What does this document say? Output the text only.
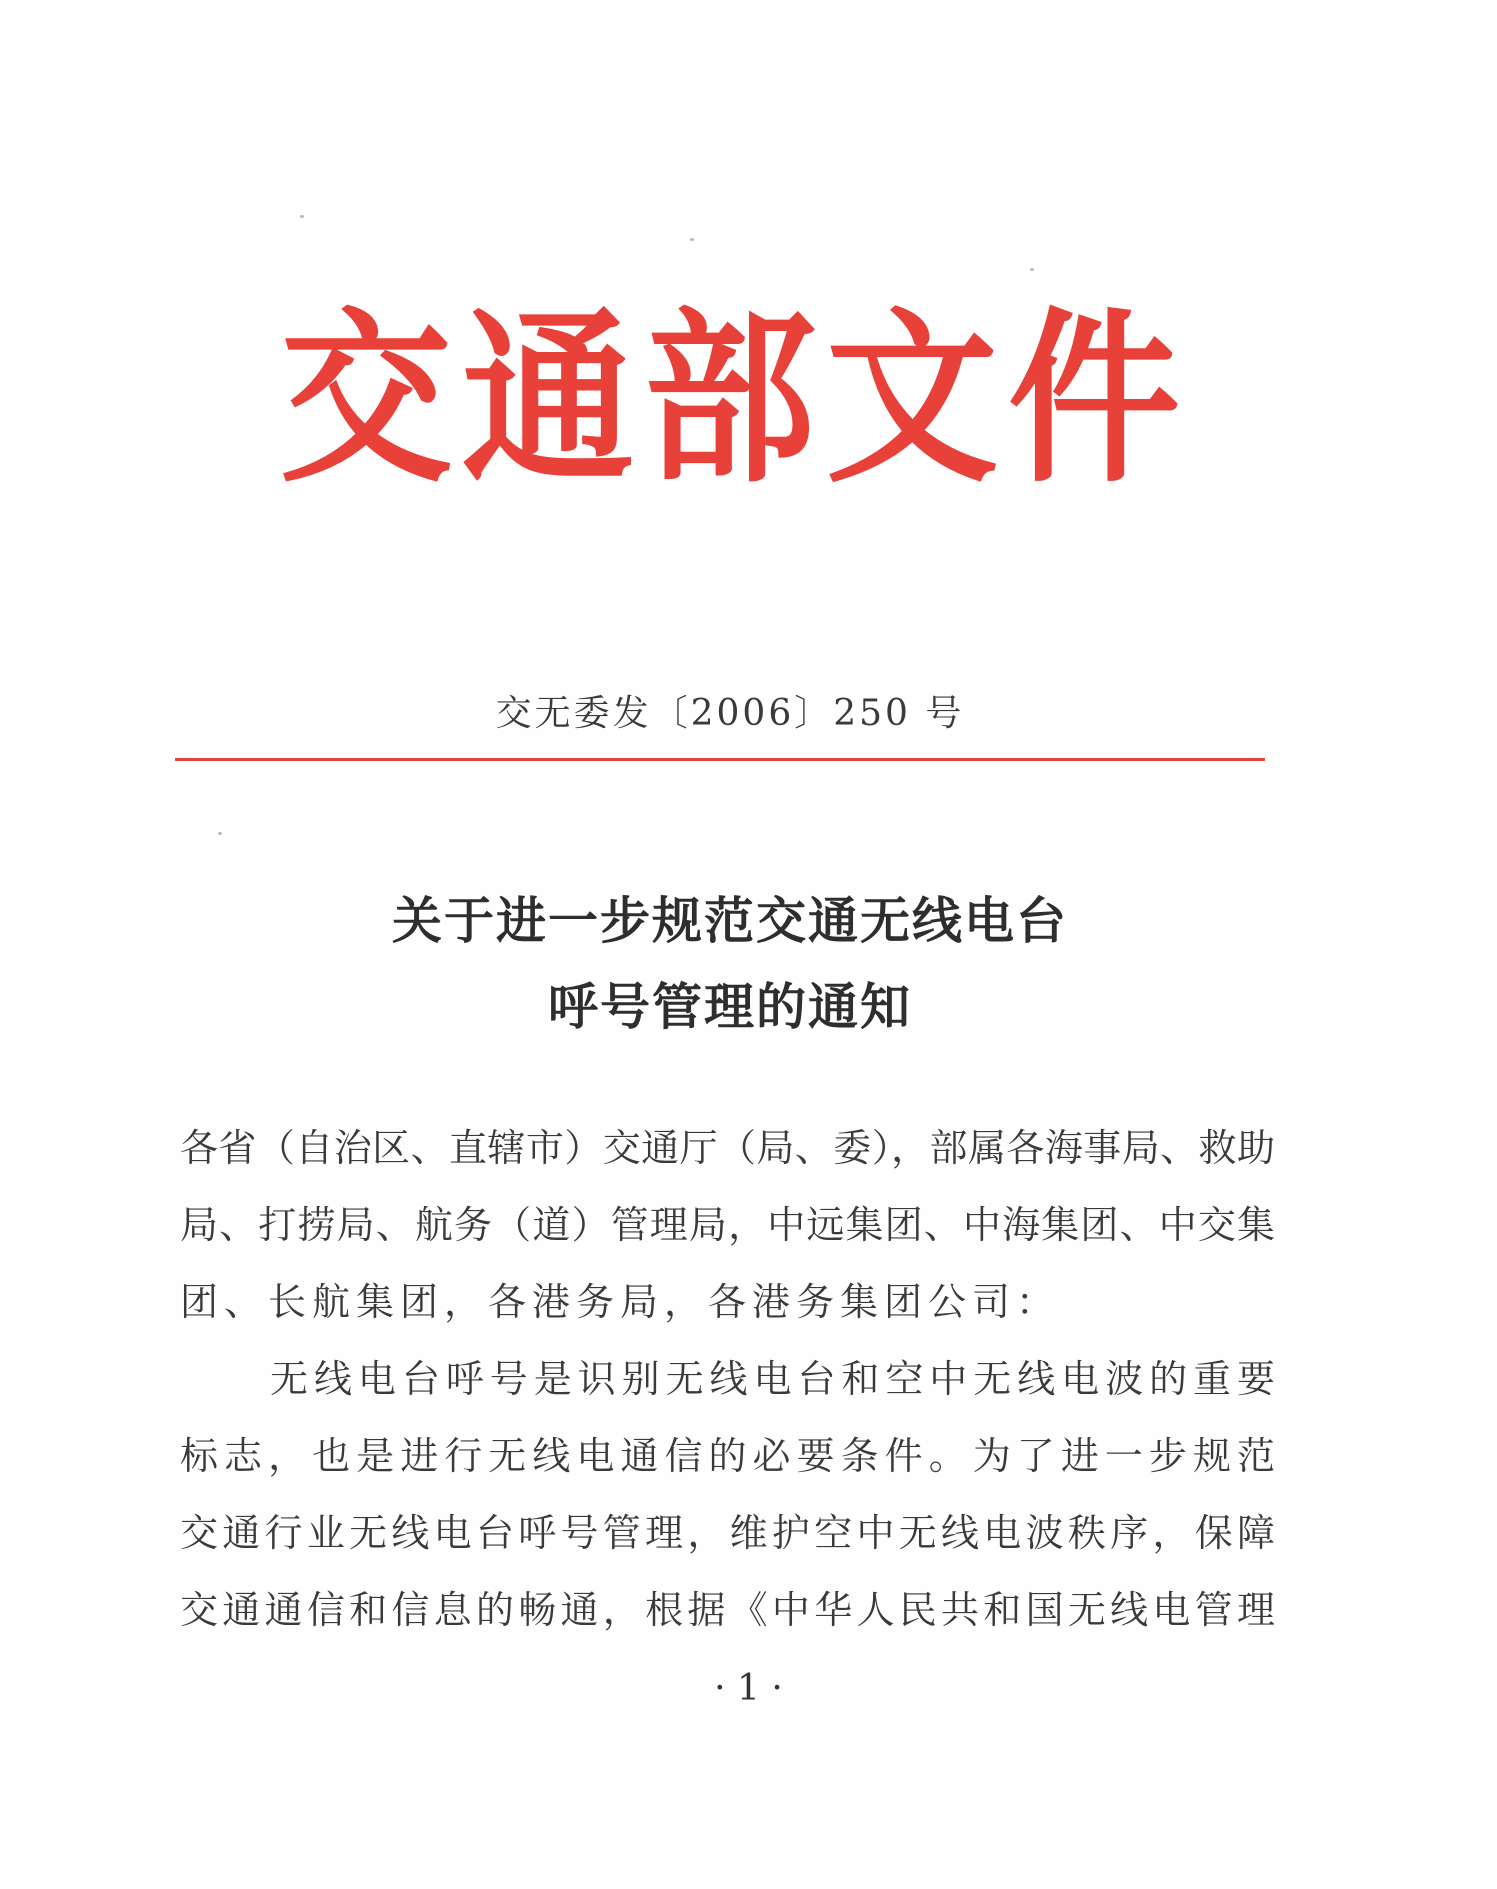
交 通 部 文 件
交无委发〔2006〕250 号
关于进一步规范交通无线电台
呼号管理的通知
各省（自治区、直辖市）交通厅（局、委），部属各海事局、救助
局、打捞局、航务（道）管理局，中远集团、中海集团、中交集
团、长航集团，各港务局，各港务集团公司：
无线电台呼号是识别无线电台和空中无线电波的重要
标志，也是进行无线电通信的必要条件。为了进一步规范
交通行业无线电台呼号管理，维护空中无线电波秩序，保障
交通通信和信息的畅通，根据《中华人民共和国无线电管理
· 1 ·
